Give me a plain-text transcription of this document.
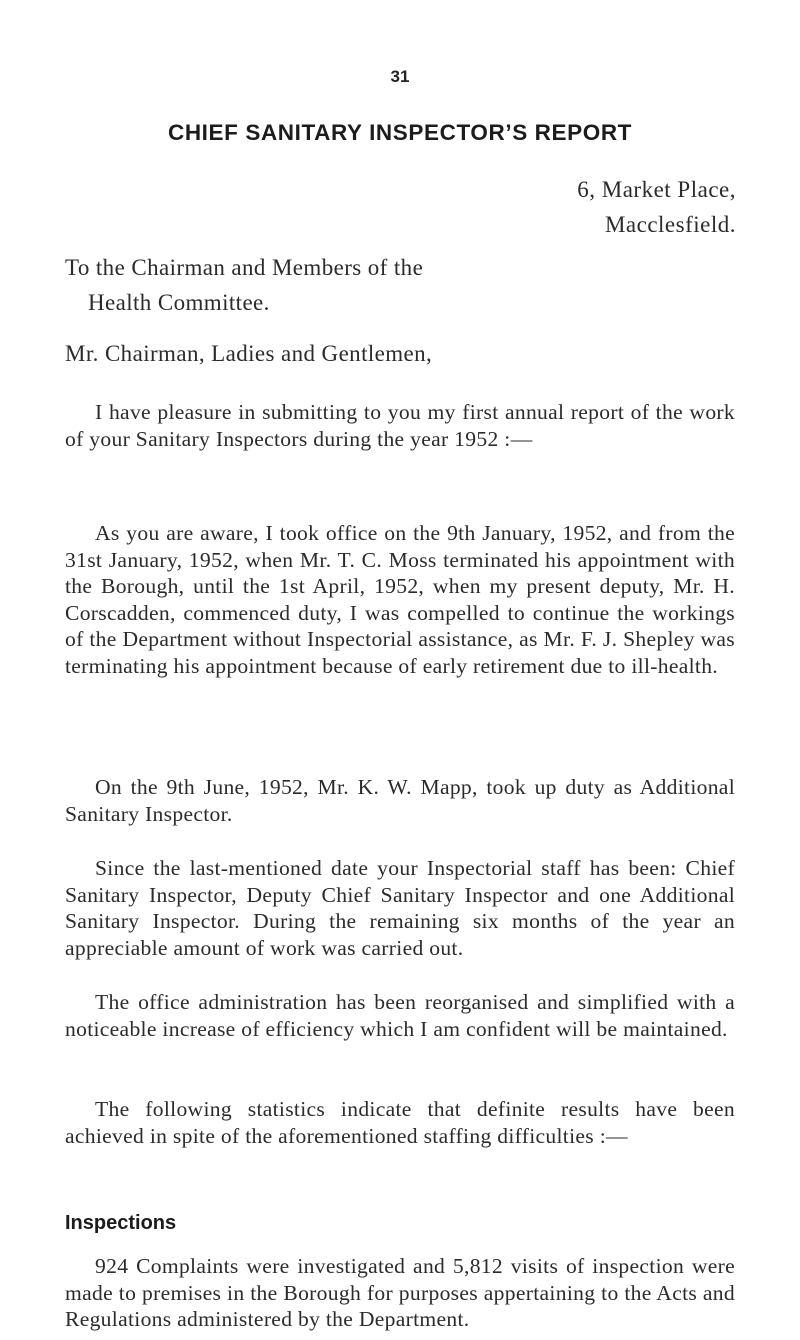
31
CHIEF SANITARY INSPECTOR’S REPORT
6, Market Place,
Macclesfield.
To the Chairman and Members of the
Health Committee.
Mr. Chairman, Ladies and Gentlemen,

I have pleasure in submitting to you my first annual report of the work of your Sanitary Inspectors during the year 1952 :—

As you are aware, I took office on the 9th January, 1952, and from the 31st January, 1952, when Mr. T. C. Moss terminated his appointment with the Borough, until the 1st April, 1952, when my present deputy, Mr. H. Corscadden, commenced duty, I was compelled to continue the workings of the Department without Inspectorial assistance, as Mr. F. J. Shepley was terminating his appointment because of early retirement due to ill-health.

On the 9th June, 1952, Mr. K. W. Mapp, took up duty as Additional Sanitary Inspector.

Since the last-mentioned date your Inspectorial staff has been: Chief Sanitary Inspector, Deputy Chief Sanitary Inspector and one Additional Sanitary Inspector. During the remaining six months of the year an appreciable amount of work was carried out.

The office administration has been reorganised and simplified with a noticeable increase of efficiency which I am confident will be maintained.

The following statistics indicate that definite results have been achieved in spite of the aforementioned staffing difficulties :—

Inspections

924 Complaints were investigated and 5,812 visits of inspection were made to premises in the Borough for purposes appertaining to the Acts and Regulations administered by the Department.
